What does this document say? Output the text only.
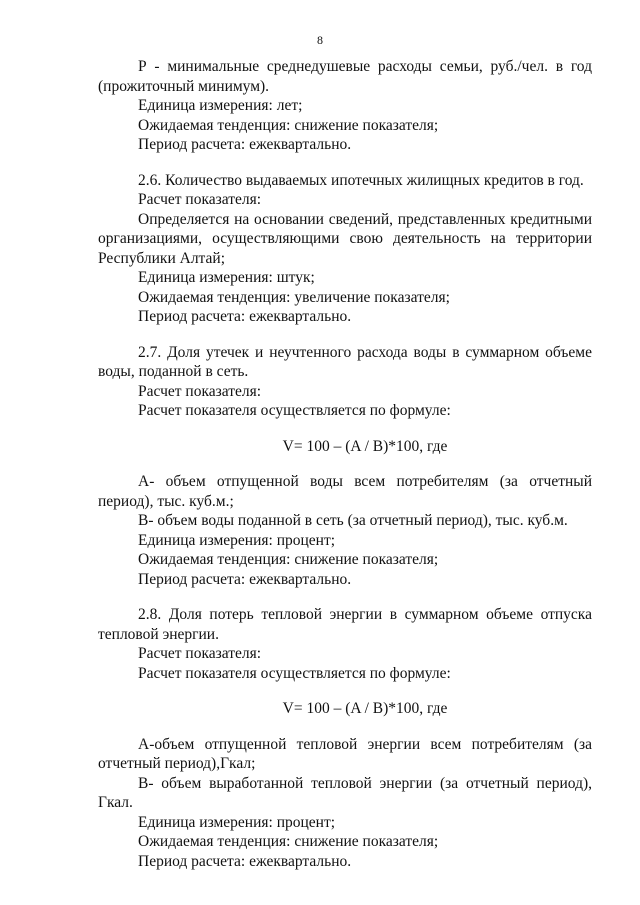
8
Р - минимальные среднедушевые расходы семьи, руб./чел. в год
(прожиточный минимум).
Единица измерения: лет;
Ожидаемая тенденция: снижение показателя;
Период расчета: ежеквартально.
2.6. Количество выдаваемых ипотечных жилищных кредитов в год.
Расчет показателя:
Определяется на основании сведений, представленных кредитными
организациями, осуществляющими свою деятельность на территории
Республики Алтай;
Единица измерения: штук;
Ожидаемая тенденция: увеличение показателя;
Период расчета: ежеквартально.
2.7. Доля утечек и неучтенного расхода воды в суммарном объеме
воды, поданной в сеть.
Расчет показателя:
Расчет показателя осуществляется по формуле:
V= 100 – (A / B)*100, где
А- объем отпущенной воды всем потребителям (за отчетный
период), тыс. куб.м.;
В- объем воды поданной в сеть (за отчетный период), тыс. куб.м.
Единица измерения: процент;
Ожидаемая тенденция: снижение показателя;
Период расчета: ежеквартально.
2.8. Доля потерь тепловой энергии в суммарном объеме отпуска
тепловой энергии.
Расчет показателя:
Расчет показателя осуществляется по формуле:
V= 100 – (A / B)*100, где
А-объем отпущенной тепловой энергии всем потребителям (за
отчетный период),Гкал;
В- объем выработанной тепловой энергии (за отчетный период),
Гкал.
Единица измерения: процент;
Ожидаемая тенденция: снижение показателя;
Период расчета: ежеквартально.
